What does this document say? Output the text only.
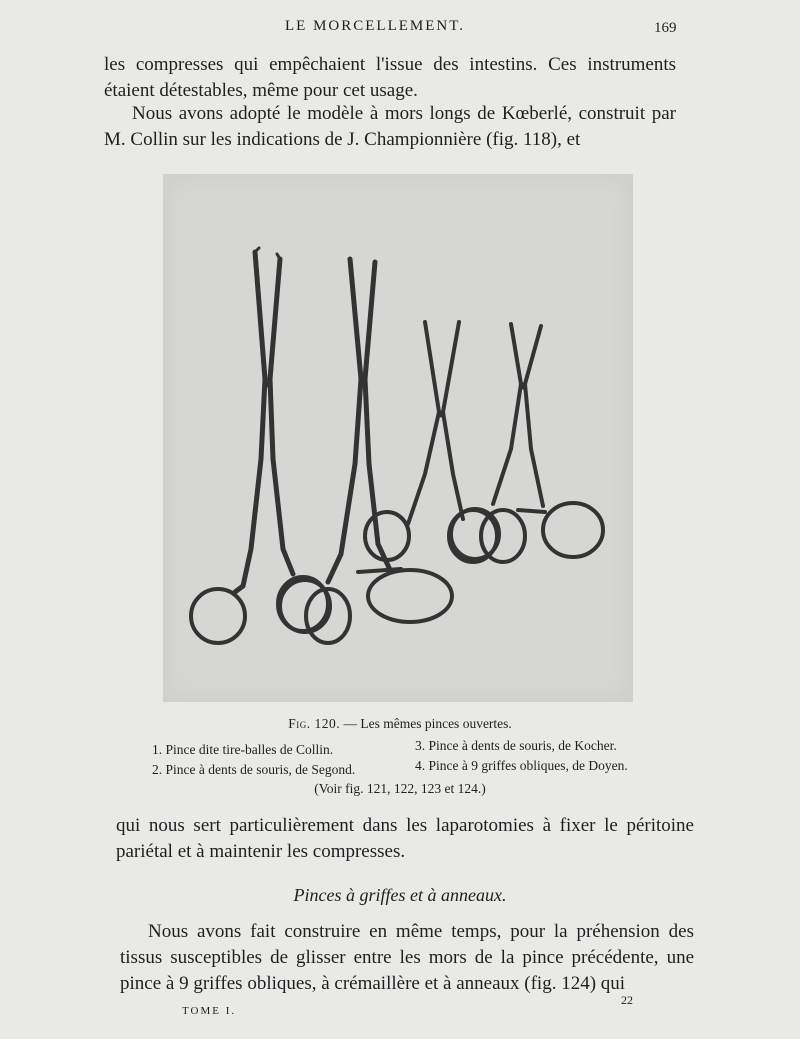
LE MORCELLEMENT.	169

les compresses qui empêchaient l'issue des intestins. Ces instruments étaient détestables, même pour cet usage.

Nous avons adopté le modèle à mors longs de Kœberlé, construit par M. Collin sur les indications de J. Championnière (fig. 118), et

Fig. 120. — Les mêmes pinces ouvertes.
1. Pince dite tire-balles de Collin.
2. Pince à dents de souris, de Segond.
3. Pince à dents de souris, de Kocher.
4. Pince à 9 griffes obliques, de Doyen.
(Voir fig. 121, 122, 123 et 124.)

qui nous sert particulièrement dans les laparotomies à fixer le péritoine pariétal et à maintenir les compresses.

Pinces à griffes et à anneaux.

Nous avons fait construire en même temps, pour la préhension des tissus susceptibles de glisser entre les mors de la pince précédente, une pince à 9 griffes obliques, à crémaillère et à anneaux (fig. 124) qui

TOME I.
22
